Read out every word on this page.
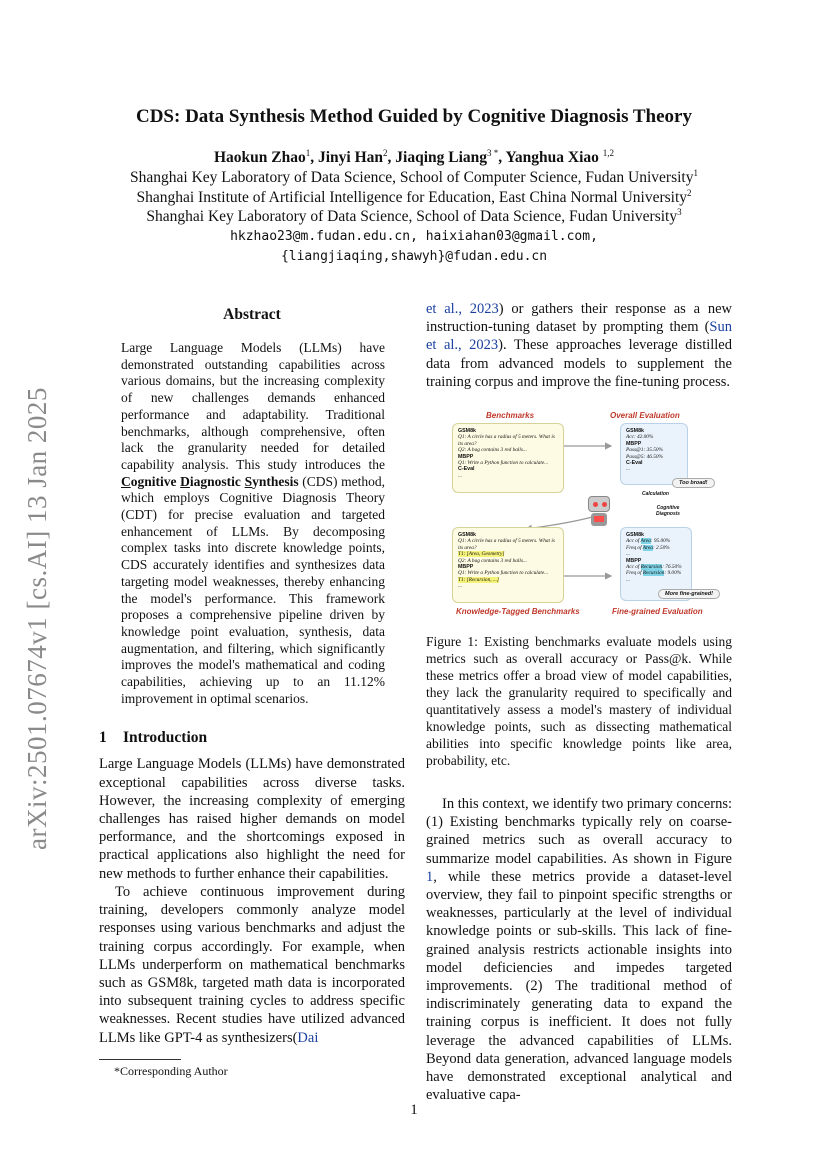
arXiv:2501.07674v1 [cs.AI] 13 Jan 2025
CDS: Data Synthesis Method Guided by Cognitive Diagnosis Theory
Haokun Zhao$^1$, Jinyi Han$^2$, Jiaqing Liang$^{3 *}$, Yanghua Xiao $^{1,2}$
Shanghai Key Laboratory of Data Science, School of Computer Science, Fudan University$^1$
Shanghai Institute of Artificial Intelligence for Education, East China Normal University$^2$
Shanghai Key Laboratory of Data Science, School of Data Science, Fudan University$^3$
hkzhao23@m.fudan.edu.cn, haixiahan03@gmail.com,
{liangjiaqing,shawyh}@fudan.edu.cn
Abstract
Large Language Models (LLMs) have demonstrated outstanding capabilities across various domains, but the increasing complexity of new challenges demands enhanced performance and adaptability. Traditional benchmarks, although comprehensive, often lack the granularity needed for detailed capability analysis. This study introduces the Cognitive Diagnostic Synthesis (CDS) method, which employs Cognitive Diagnosis Theory (CDT) for precise evaluation and targeted enhancement of LLMs. By decomposing complex tasks into discrete knowledge points, CDS accurately identifies and synthesizes data targeting model weaknesses, thereby enhancing the model's performance. This framework proposes a comprehensive pipeline driven by knowledge point evaluation, synthesis, data augmentation, and filtering, which significantly improves the model's mathematical and coding capabilities, achieving up to an 11.12% improvement in optimal scenarios.
1 Introduction

Large Language Models (LLMs) have demonstrated exceptional capabilities across diverse tasks. However, the increasing complexity of emerging challenges has raised higher demands on model performance, and the shortcomings exposed in practical applications also highlight the need for new methods to further enhance their capabilities.

To achieve continuous improvement during training, developers commonly analyze model responses using various benchmarks and adjust the training corpus accordingly. For example, when LLMs underperform on mathematical benchmarks such as GSM8k, targeted math data is incorporated into subsequent training cycles to address specific weaknesses. Recent studies have utilized advanced LLMs like GPT-4 as synthesizers(Dai

et al., 2023) or gathers their response as a new instruction-tuning dataset by prompting them (Sun et al., 2023). These approaches leverage distilled data from advanced models to supplement the training corpus and improve the fine-tuning process.

Benchmarks	Overall Evaluation
GSM8k
Q1: A circle has a radius of 5 meters. What is its area?
Q2: A bag contains 3 red balls...
MBPP
Q1: Write a Python function to calculate...
C-Eval
...
GSM8k
Acc: 42.00%
MBPP
Pass@1: 35.50%
Pass@5: 46.50%
C-Eval
...
Too broad!
Calculation
Cognitive Diagnosis
GSM8k
Q1: A circle has a radius of 5 meters. What is its area?
T1: [Area, Geometry]
Q2: A bag contains 3 red balls...
MBPP
Q1: Write a Python function to calculate...
T1: [Recursion, ...]
...
GSM8k
Acc of Area: 95.00%
Freq of Area: 2.50%
...
MBPP
Acc of Recursion: 76.50%
Freq of Recursion: 9.00%
...
More fine-grained!
Knowledge-Tagged Benchmarks	Fine-grained Evaluation

Figure 1: Existing benchmarks evaluate models using metrics such as overall accuracy or Pass@k. While these metrics offer a broad view of model capabilities, they lack the granularity required to specifically and quantitatively assess a model's mastery of individual knowledge points, such as dissecting mathematical abilities into specific knowledge points like area, probability, etc.

In this context, we identify two primary concerns: (1) Existing benchmarks typically rely on coarse-grained metrics such as overall accuracy to summarize model capabilities. As shown in Figure 1, while these metrics provide a dataset-level overview, they fail to pinpoint specific strengths or weaknesses, particularly at the level of individual knowledge points or sub-skills. This lack of fine-grained analysis restricts actionable insights into model deficiencies and impedes targeted improvements. (2) The traditional method of indiscriminately generating data to expand the training corpus is inefficient. It does not fully leverage the advanced capabilities of LLMs. Beyond data generation, advanced language models have demonstrated exceptional analytical and evaluative capa-

*Corresponding Author
1
